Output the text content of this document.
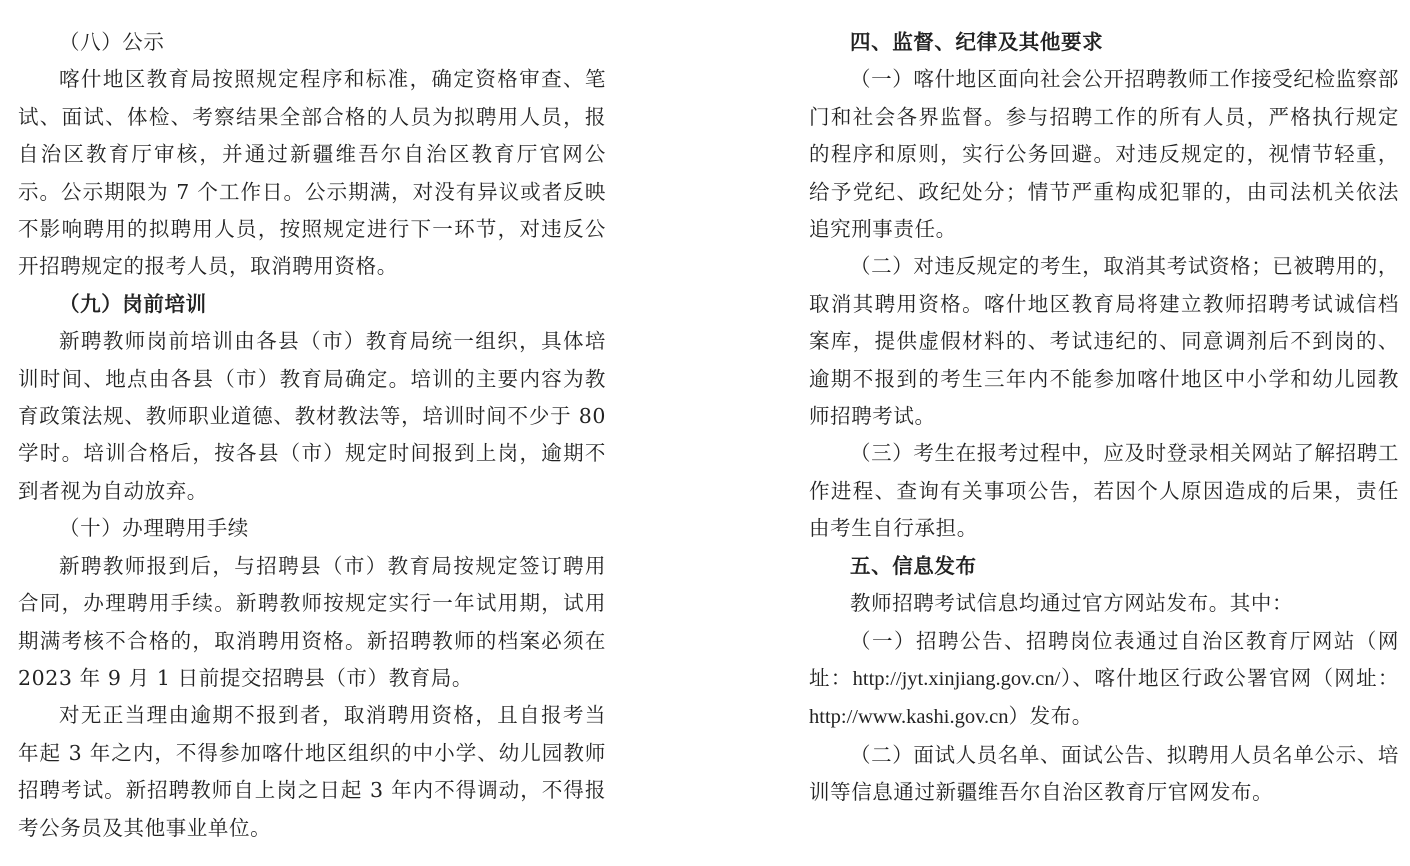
（八）公示

喀什地区教育局按照规定程序和标准，确定资格审查、笔试、面试、体检、考察结果全部合格的人员为拟聘用人员，报自治区教育厅审核，并通过新疆维吾尔自治区教育厅官网公示。公示期限为 7 个工作日。公示期满，对没有异议或者反映不影响聘用的拟聘用人员，按照规定进行下一环节，对违反公开招聘规定的报考人员，取消聘用资格。

（九）岗前培训

新聘教师岗前培训由各县（市）教育局统一组织，具体培训时间、地点由各县（市）教育局确定。培训的主要内容为教育政策法规、教师职业道德、教材教法等，培训时间不少于 80 学时。培训合格后，按各县（市）规定时间报到上岗，逾期不到者视为自动放弃。

（十）办理聘用手续

新聘教师报到后，与招聘县（市）教育局按规定签订聘用合同，办理聘用手续。新聘教师按规定实行一年试用期，试用期满考核不合格的，取消聘用资格。新招聘教师的档案必须在 2023 年 9 月 1 日前提交招聘县（市）教育局。

对无正当理由逾期不报到者，取消聘用资格，且自报考当年起 3 年之内，不得参加喀什地区组织的中小学、幼儿园教师招聘考试。新招聘教师自上岗之日起 3 年内不得调动，不得报考公务员及其他事业单位。

四、监督、纪律及其他要求

（一）喀什地区面向社会公开招聘教师工作接受纪检监察部门和社会各界监督。参与招聘工作的所有人员，严格执行规定的程序和原则，实行公务回避。对违反规定的，视情节轻重，给予党纪、政纪处分；情节严重构成犯罪的，由司法机关依法追究刑事责任。

（二）对违反规定的考生，取消其考试资格；已被聘用的，取消其聘用资格。喀什地区教育局将建立教师招聘考试诚信档案库，提供虚假材料的、考试违纪的、同意调剂后不到岗的、逾期不报到的考生三年内不能参加喀什地区中小学和幼儿园教师招聘考试。

（三）考生在报考过程中，应及时登录相关网站了解招聘工作进程、查询有关事项公告，若因个人原因造成的后果，责任由考生自行承担。

五、信息发布

教师招聘考试信息均通过官方网站发布。其中：

（一）招聘公告、招聘岗位表通过自治区教育厅网站（网址：http://jyt.xinjiang.gov.cn/）、喀什地区行政公署官网（网址：http://www.kashi.gov.cn）发布。

（二）面试人员名单、面试公告、拟聘用人员名单公示、培训等信息通过新疆维吾尔自治区教育厅官网发布。
